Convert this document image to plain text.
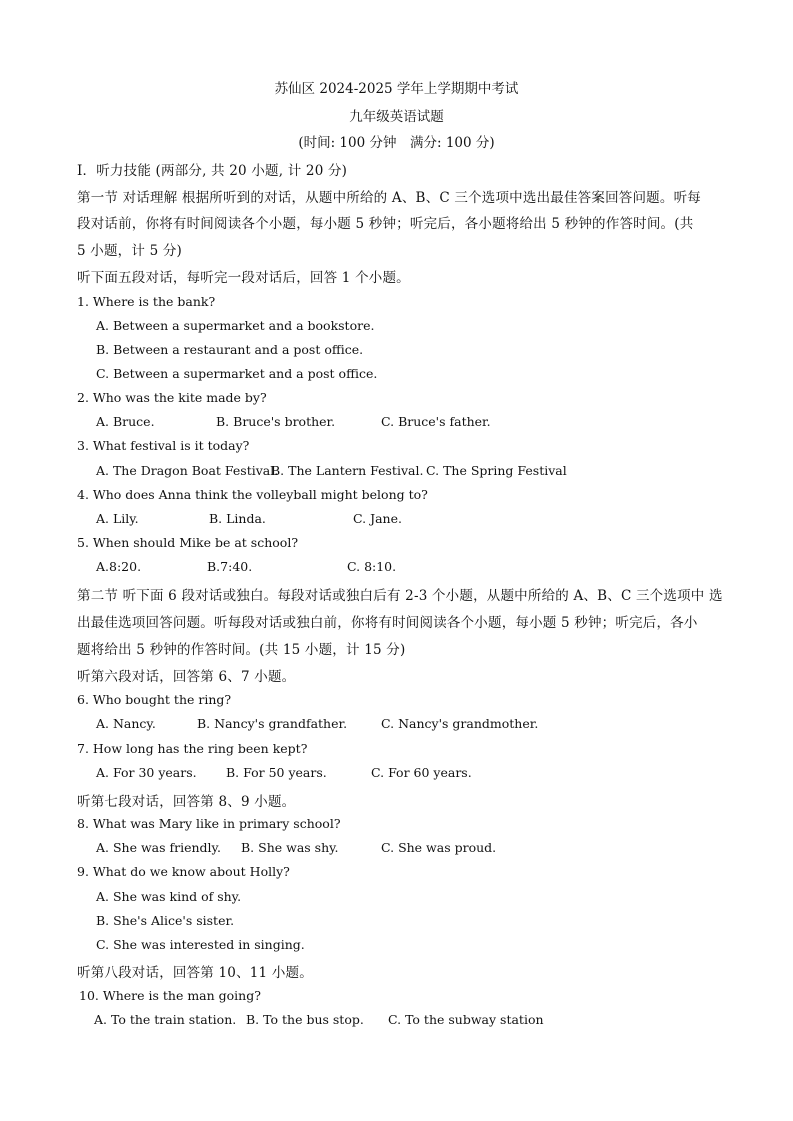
苏仙区 2024-2025 学年上学期期中考试
九年级英语试题
(时间: 100 分钟　满分: 100 分)
Ⅰ．听力技能 (两部分, 共 20 小题, 计 20 分)
第一节 对话理解 根据所听到的对话，从题中所给的 A、B、C 三个选项中选出最佳答案回答问题。听每
段对话前，你将有时间阅读各个小题，每小题 5 秒钟；听完后，各小题将给出 5 秒钟的作答时间。(共
5 小题，计 5 分)
听下面五段对话，每听完一段对话后，回答 1 个小题。
1. Where is the bank?
A. Between a supermarket and a bookstore.
B. Between a restaurant and a post office.
C. Between a supermarket and a post office.
2. Who was the kite made by?
A. Bruce.	B. Bruce's brother.	C. Bruce's father.
3. What festival is it today?
A. The Dragon Boat Festival.
B. The Lantern Festival. C. The Spring Festival
4. Who does Anna think the volleyball might belong to?
A. Lily.	B. Linda.	C. Jane.
5. When should Mike be at school?
A.8:20.	B.7:40.	C. 8:10.
第二节 听下面 6 段对话或独白。每段对话或独白后有 2-3 个小题，从题中所给的 A、B、C 三个选项中 选
出最佳选项回答问题。听每段对话或独白前，你将有时间阅读各个小题，每小题 5 秒钟；听完后，各小
题将给出 5 秒钟的作答时间。(共 15 小题，计 15 分)
听第六段对话，回答第 6、7 小题。
6. Who bought the ring?
A. Nancy.	B. Nancy's grandfather.	C. Nancy's grandmother.
7. How long has the ring been kept?
A. For 30 years. B. For 50 years.	C. For 60 years.
听第七段对话，回答第 8、9 小题。
8. What was Mary like in primary school?
A. She was friendly. B. She was shy.	C. She was proud.
9. What do we know about Holly?
A. She was kind of shy.
B. She's Alice's sister.
C. She was interested in singing.
听第八段对话，回答第 10、11 小题。
10. Where is the man going?
A. To the train station. B. To the bus stop. C. To the subway station
